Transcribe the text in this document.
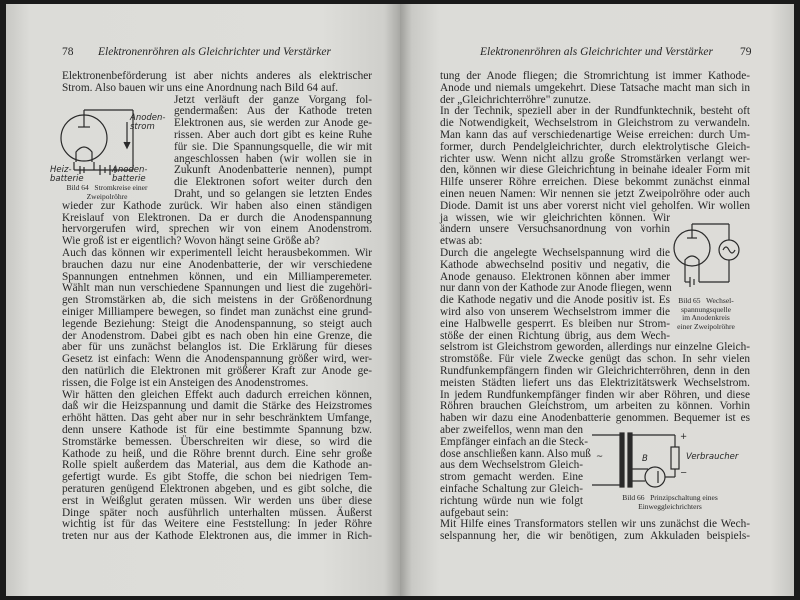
78 Elektronenröhren als Gleichrichter und Verstärker
Elektronenbeförderung ist aber nichts anderes als elektrischer
Strom. Also bauen wir uns eine Anordnung nach Bild 64 auf.
Jetzt verläuft der ganze Vorgang fol-
gendermaßen: Aus der Kathode treten
Elektronen aus, sie werden zur Anode ge-
rissen. Aber auch dort gibt es keine Ruhe
für sie. Die Spannungsquelle, die wir mit
angeschlossen haben (wir wollen sie in
Zukunft Anodenbatterie nennen), pumpt
die Elektronen sofort weiter durch den
Draht, und so gelangen sie letzten Endes
wieder zur Kathode zurück. Wir haben also einen ständigen
Kreislauf von Elektronen. Da er durch die Anodenspannung
hervorgerufen wird, sprechen wir von einem Anodenstrom.
Wie groß ist er eigentlich? Wovon hängt seine Größe ab?
Auch das können wir experimentell leicht herausbekommen. Wir
brauchen dazu nur eine Anodenbatterie, der wir verschiedene
Spannungen entnehmen können, und ein Milliamperemeter.
Wählt man nun verschiedene Spannungen und liest die zugehöri-
gen Stromstärken ab, die sich meistens in der Größenordnung
einiger Milliampere bewegen, so findet man zunächst eine grund-
legende Beziehung: Steigt die Anodenspannung, so steigt auch
der Anodenstrom. Dabei gibt es nach oben hin eine Grenze, die
aber für uns zunächst belanglos ist. Die Erklärung für dieses
Gesetz ist einfach: Wenn die Anodenspannung größer wird, wer-
den natürlich die Elektronen mit größerer Kraft zur Anode ge-
rissen, die Folge ist ein Ansteigen des Anodenstromes.
Wir hätten den gleichen Effekt auch dadurch erreichen können,
daß wir die Heizspannung und damit die Stärke des Heizstromes
erhöht hätten. Das geht aber nur in sehr beschränktem Umfange,
denn unsere Kathode ist für eine bestimmte Spannung bzw.
Stromstärke bemessen. Überschreiten wir diese, so wird die
Kathode zu heiß, und die Röhre brennt durch. Eine sehr große
Rolle spielt außerdem das Material, aus dem die Kathode an-
gefertigt wurde. Es gibt Stoffe, die schon bei niedrigen Tem-
peraturen genügend Elektronen abgeben, und es gibt solche, die
erst in Weißglut geraten müssen. Wir werden uns über diese
Dinge später noch ausführlich unterhalten müssen. Äußerst
wichtig ist für das Weitere eine Feststellung: In jeder Röhre
treten nur aus der Kathode Elektronen aus, die immer in Rich-
Anoden-
strom
Heiz-
batterie
Anoden-
batterie
Bild 64   Stromkreise einer
Zweipolröhre
Elektronenröhren als Gleichrichter und Verstärker 79
tung der Anode fliegen; die Stromrichtung ist immer Kathode-
Anode und niemals umgekehrt. Diese Tatsache macht man sich in
der „Gleichrichterröhre" zunutze.
In der Technik, speziell aber in der Rundfunktechnik, besteht oft
die Notwendigkeit, Wechselstrom in Gleichstrom zu verwandeln.
Man kann das auf verschiedenartige Weise erreichen: durch Um-
former, durch Pendelgleichrichter, durch elektrolytische Gleich-
richter usw. Wenn nicht allzu große Stromstärken verlangt wer-
den, können wir diese Gleichrichtung in beinahe idealer Form mit
Hilfe unserer Röhre erreichen. Diese bekommt zunächst einmal
einen neuen Namen: Wir nennen sie jetzt Zweipolröhre oder auch
Diode. Damit ist uns aber vorerst nicht viel geholfen. Wir wollen
ja wissen, wie wir gleichrichten können. Wir
ändern unsere Versuchsanordnung von vorhin
etwas ab:
Durch die angelegte Wechselspannung wird die
Kathode abwechselnd positiv und negativ, die
Anode genauso. Elektronen können aber immer
nur dann von der Kathode zur Anode fliegen, wenn
die Kathode negativ und die Anode positiv ist. Es
wird also von unserem Wechselstrom immer die
eine Halbwelle gesperrt. Es bleiben nur Strom-
stöße der einen Richtung übrig, aus dem Wech-
selstrom ist Gleichstrom geworden, allerdings nur einzelne Gleich-
stromstöße. Für viele Zwecke genügt das schon. In sehr vielen
Rundfunkempfängern finden wir Gleichrichterröhren, denn in den
meisten Städten liefert uns das Elektrizitätswerk Wechselstrom.
In jedem Rundfunkempfänger finden wir aber Röhren, und diese
Röhren brauchen Gleichstrom, um arbeiten zu können. Vorhin
haben wir dazu eine Anodenbatterie genommen. Bequemer ist es
aber zweifellos, wenn man den
Empfänger einfach an die Steck-
dose anschließen kann. Also muß
aus dem Wechselstrom Gleich-
strom gemacht werden. Eine
einfache Schaltung zur Gleich-
richtung würde nun wie folgt
aufgebaut sein:
Mit Hilfe eines Transformators stellen wir uns zunächst die Wech-
selspannung her, die wir benötigen, zum Akkuladen beispiels-
Bild 65   Wechsel-
spannungsquelle
im Anodenkreis
einer Zweipolröhre
Verbraucher
B
~
+
−
Bild 66   Prinzipschaltung eines
Einweggleichrichters
